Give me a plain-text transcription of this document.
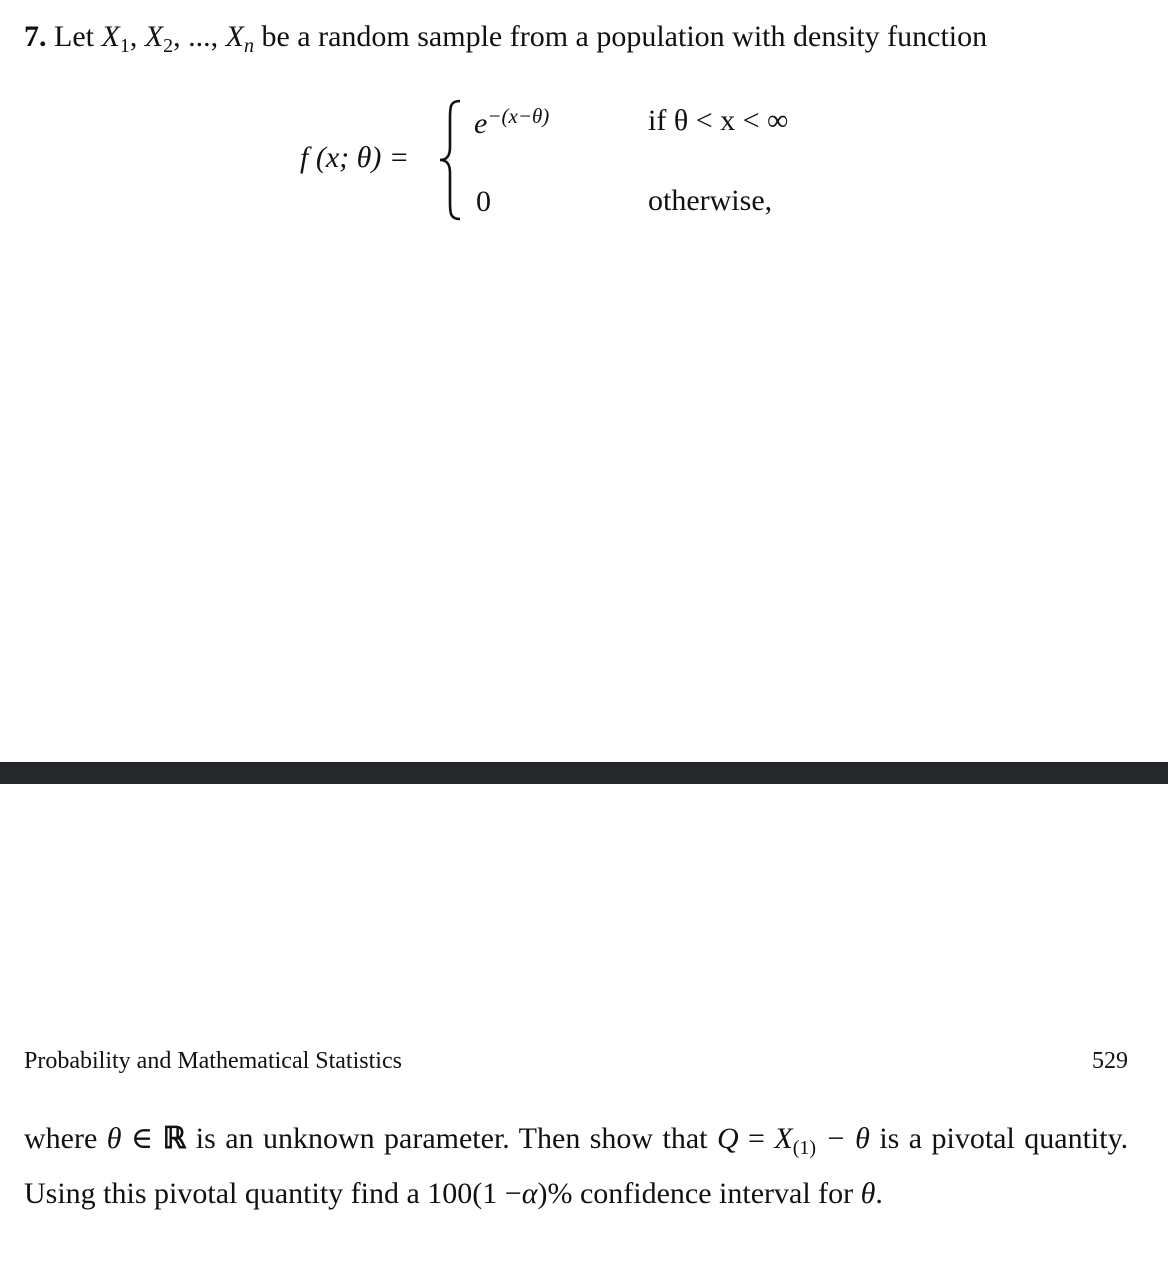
7. Let $X_1$, $X_2$, ..., $X_n$ be a random sample from a population with density function
f (x; θ) =
e−(x−θ)	if θ < x < ∞
0	otherwise,
Probability and Mathematical Statistics	529
where θ ∈ ℝ is an unknown parameter. Then show that $Q = X_{(1)} - \theta$ is a pivotal quantity. Using this pivotal quantity find a 100(1 −α)% confidence interval for θ.
